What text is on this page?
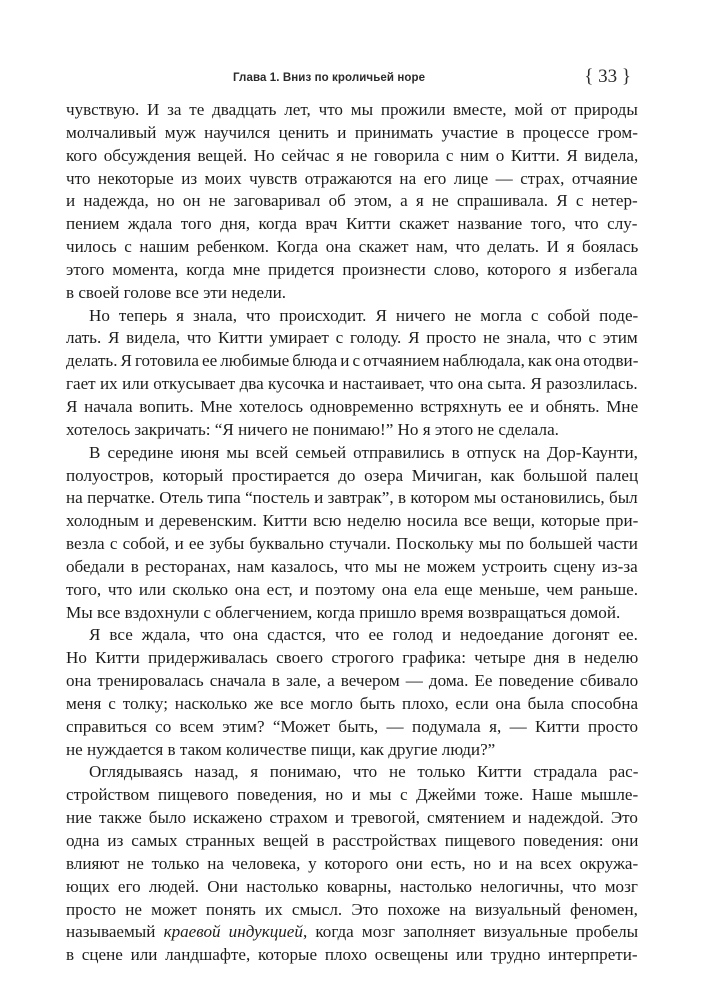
Глава 1. Вниз по кроличьей норе	{ 33 }
чувствую. И за те двадцать лет, что мы прожили вместе, мой от природы
молчаливый муж научился ценить и принимать участие в процессе гром-
кого обсуждения вещей. Но сейчас я не говорила с ним о Китти. Я видела,
что некоторые из моих чувств отражаются на его лице — страх, отчаяние
и надежда, но он не заговаривал об этом, а я не спрашивала. Я с нетер-
пением ждала того дня, когда врач Китти скажет название того, что слу-
чилось с нашим ребенком. Когда она скажет нам, что делать. И я боялась
этого момента, когда мне придется произнести слово, которого я избегала
в своей голове все эти недели.
Но теперь я знала, что происходит. Я ничего не могла с собой поде-
лать. Я видела, что Китти умирает с голоду. Я просто не знала, что с этим
делать. Я готовила ее любимые блюда и с отчаянием наблюдала, как она отодви-
гает их или откусывает два кусочка и настаивает, что она сыта. Я разозлилась.
Я начала вопить. Мне хотелось одновременно встряхнуть ее и обнять. Мне
хотелось закричать: “Я ничего не понимаю!” Но я этого не сделала.
В середине июня мы всей семьей отправились в отпуск на Дор-Каунти,
полуостров, который простирается до озера Мичиган, как большой палец
на перчатке. Отель типа “постель и завтрак”, в котором мы остановились, был
холодным и деревенским. Китти всю неделю носила все вещи, которые при-
везла с собой, и ее зубы буквально стучали. Поскольку мы по большей части
обедали в ресторанах, нам казалось, что мы не можем устроить сцену из-за
того, что или сколько она ест, и поэтому она ела еще меньше, чем раньше.
Мы все вздохнули с облегчением, когда пришло время возвращаться домой.
Я все ждала, что она сдастся, что ее голод и недоедание догонят ее.
Но Китти придерживалась своего строгого графика: четыре дня в неделю
она тренировалась сначала в зале, а вечером — дома. Ее поведение сбивало
меня с толку; насколько же все могло быть плохо, если она была способна
справиться со всем этим? “Может быть, — подумала я, — Китти просто
не нуждается в таком количестве пищи, как другие люди?”
Оглядываясь назад, я понимаю, что не только Китти страдала рас-
стройством пищевого поведения, но и мы с Джейми тоже. Наше мышле-
ние также было искажено страхом и тревогой, смятением и надеждой. Это
одна из самых странных вещей в расстройствах пищевого поведения: они
влияют не только на человека, у которого они есть, но и на всех окружа-
ющих его людей. Они настолько коварны, настолько нелогичны, что мозг
просто не может понять их смысл. Это похоже на визуальный феномен,
называемый краевой индукцией, когда мозг заполняет визуальные пробелы
в сцене или ландшафте, которые плохо освещены или трудно интерпрети-
